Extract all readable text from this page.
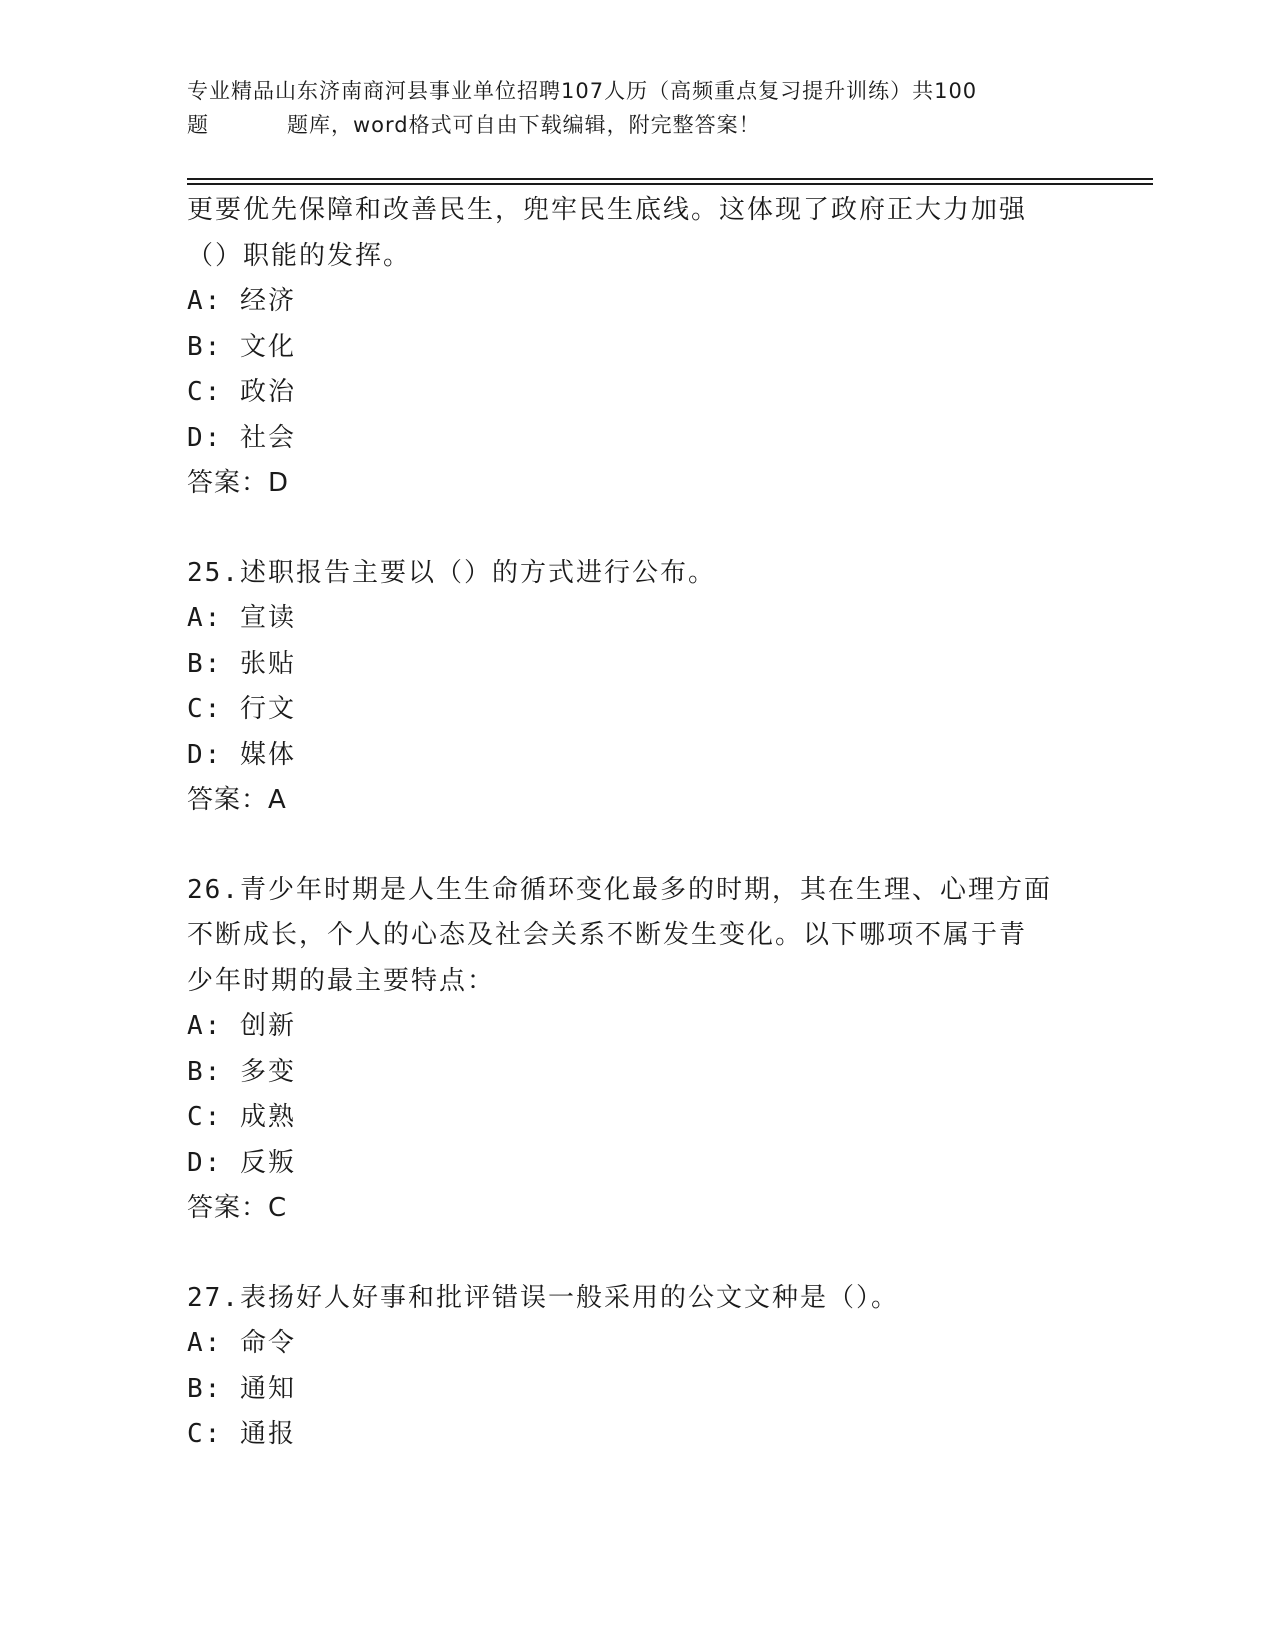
专业精品山东济南商河县事业单位招聘107人历（高频重点复习提升训练）共100
题	题库，word格式可自由下载编辑，附完整答案！
更要优先保障和改善民生，兜牢民生底线。这体现了政府正大力加强
（）职能的发挥。
A: 经济
B: 文化
C: 政治
D: 社会
答案：D
25.述职报告主要以（）的方式进行公布。
A: 宣读
B: 张贴
C: 行文
D: 媒体
答案：A
26.青少年时期是人生生命循环变化最多的时期，其在生理、心理方面
不断成长，个人的心态及社会关系不断发生变化。以下哪项不属于青
少年时期的最主要特点：
A: 创新
B: 多变
C: 成熟
D: 反叛
答案：C
27.表扬好人好事和批评错误一般采用的公文文种是（）。
A: 命令
B: 通知
C: 通报
